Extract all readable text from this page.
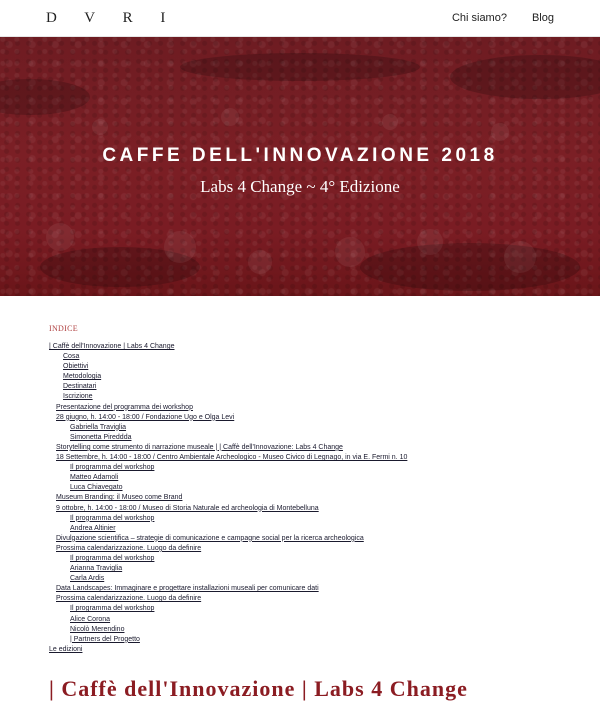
D V R I	Chi siamo? Blog
CAFFE DELL'INNOVAZIONE 2018
Labs 4 Change ~ 4° Edizione
INDICE
| Caffè dell'Innovazione | Labs 4 Change
Cosa
Obiettivi
Metodologia
Destinatari
Iscrizione
Presentazione del programma dei workshop
28 giugno, h. 14:00 - 18:00 / Fondazione Ugo e Olga Levi
Gabriella Traviglia
Simonetta Pireddda
Storytelling come strumento di narrazione museale | | Caffè dell'Innovazione: Labs 4 Change
18 Settembre, h. 14:00 - 18:00 / Centro Ambientale Archeologico - Museo Civico di Legnago, in via E. Fermi n. 10
Il programma del workshop
Matteo Adamoli
Luca Chiavegato
Museum Branding: il Museo come Brand
9 ottobre, h. 14:00 - 18:00 / Museo di Storia Naturale ed archeologia di Montebelluna
Il programma del workshop
Andrea Altinier
Divulgazione scientifica – strategie di comunicazione e campagne social per la ricerca archeologica
Prossima calendarizzazione. Luogo da definire
Il programma del workshop
Arianna Traviglia
Carla Ardis
Data Landscapes: Immaginare e progettare installazioni museali per comunicare dati
Prossima calendarizzazione. Luogo da definire
Il programma del workshop
Alice Corona
Nicolò Merendino
| Partners del Progetto
Le edizioni
| Caffè dell'Innovazione | Labs 4 Change
